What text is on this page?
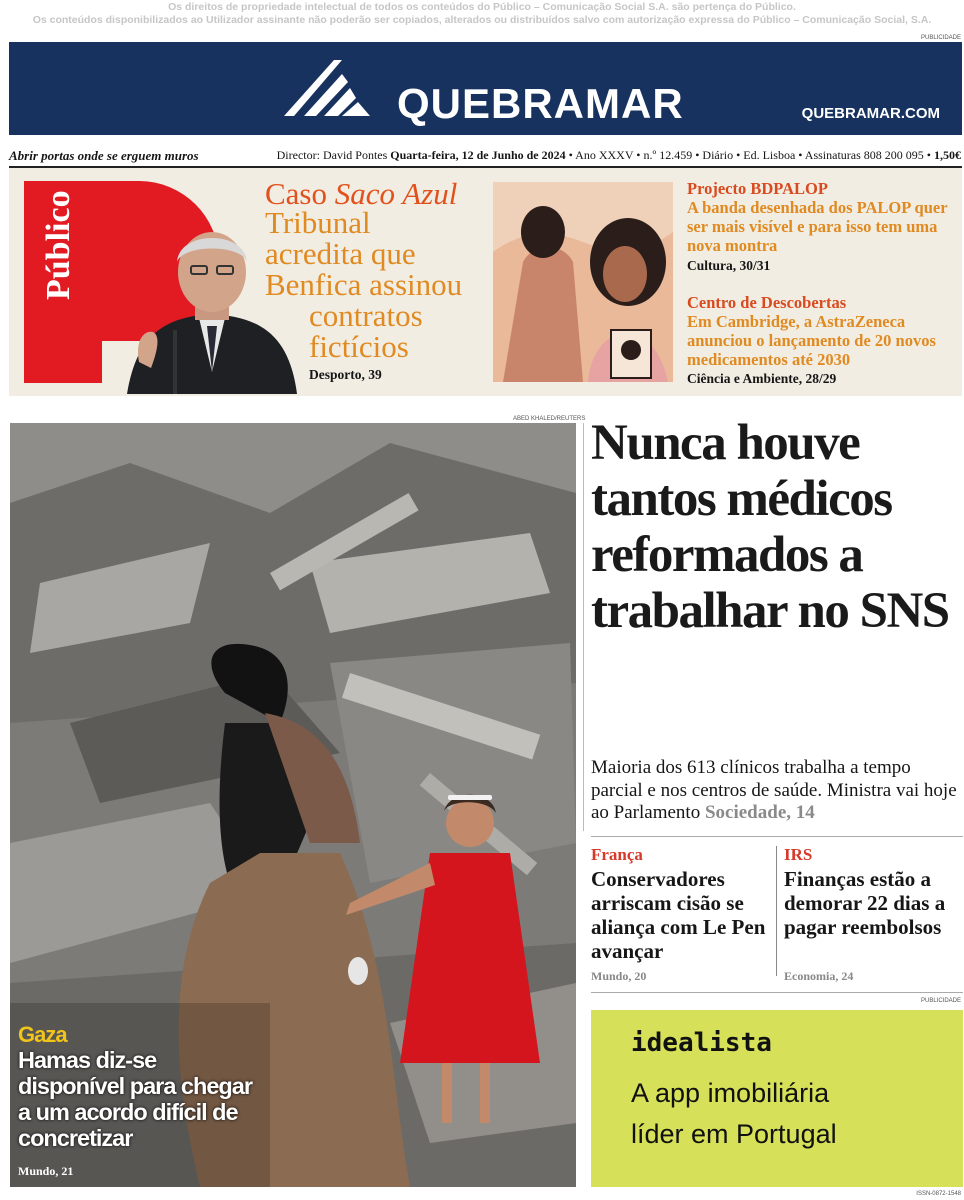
Os direitos de propriedade intelectual de todos os conteúdos do Público – Comunicação Social S.A. são pertença do Público.
Os conteúdos disponibilizados ao Utilizador assinante não poderão ser copiados, alterados ou distribuídos salvo com autorização expressa do Público – Comunicação Social, S.A.
PUBLICIDADE
QUEBRAMAR	QUEBRAMAR.COM
Abrir portas onde se erguem muros	Director: David Pontes Quarta-feira, 12 de Junho de 2024 • Ano XXXV • n.º 12.459 • Diário • Ed. Lisboa • Assinaturas 808 200 095 • 1,50€
Público	Caso Saco Azul
Tribunal
acredita que
Benfica assinou
contratos
fictícios
Desporto, 39
Projecto BDPALOP
A banda desenhada dos PALOP quer ser mais visível e para isso tem uma nova montra
Cultura, 30/31
Centro de Descobertas
Em Cambridge, a AstraZeneca anunciou o lançamento de 20 novos medicamentos até 2030
Ciência e Ambiente, 28/29
ABED KHALED/REUTERS
Gaza
Hamas diz-se disponível para chegar a um acordo difícil de concretizar
Mundo, 21
Nunca houve tantos médicos reformados a trabalhar no SNS
Maioria dos 613 clínicos trabalha a tempo parcial e nos centros de saúde. Ministra vai hoje ao Parlamento Sociedade, 14
França
Conservadores arriscam cisão se aliança com Le Pen avançar
Mundo, 20
IRS
Finanças estão a demorar 22 dias a pagar reembolsos
Economia, 24
PUBLICIDADE
idealista
A app imobiliária
líder em Portugal
ISSN-0872-1548
